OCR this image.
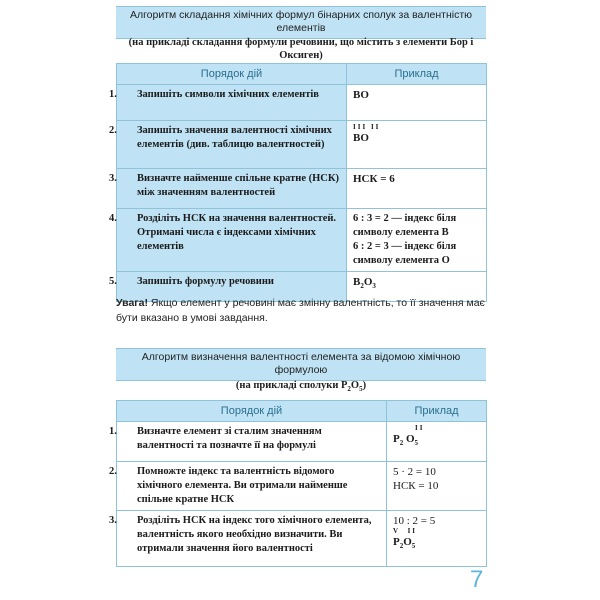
Алгоритм складання хімічних формул бінарних сполук за валентністю елементів
(на прикладі складання формули речовини, що містить з елементи Бор і Оксиген)
Порядок дій	Приклад

1. Запишіть символи хімічних елементів	BO

2. Запишіть значення валентності хімічних елементів (див. таблицю валентностей)	III II
BO

3. Визначте найменше спільне кратне (НСК) між значенням валентностей	НСК = 6

4. Розділіть НСК на значення валентностей. Отримані числа є індексами хімічних елементів	6 : 3 = 2 — індекс біля символу елемента B
6 : 2 = 3 — індекс біля символу елемента O

5. Запишіть формулу речовини	$B_2O_3$
Увага! Якщо елемент у речовині має змінну валентність, то її значення має бути вказано в умові завдання.
Алгоритм визначення валентності елемента за відомою хімічною формулою
(на прикладі сполуки $P_2O_5$)
Порядок дій	Приклад

1. Визначте елемент зі сталим значенням валентності та позначте її на формулі	II
$P_2$ $O_5$

2. Помножте індекс та валентність відомого хімічного елемента. Ви отримали найменше спільне кратне НСК	5 · 2 = 10
НСК = 10

3. Розділіть НСК на індекс того хімічного елемента, валентність якого необхідно визначити. Ви отримали значення його валентності	10 : 2 = 5
V II
$P_2O_5$
7
